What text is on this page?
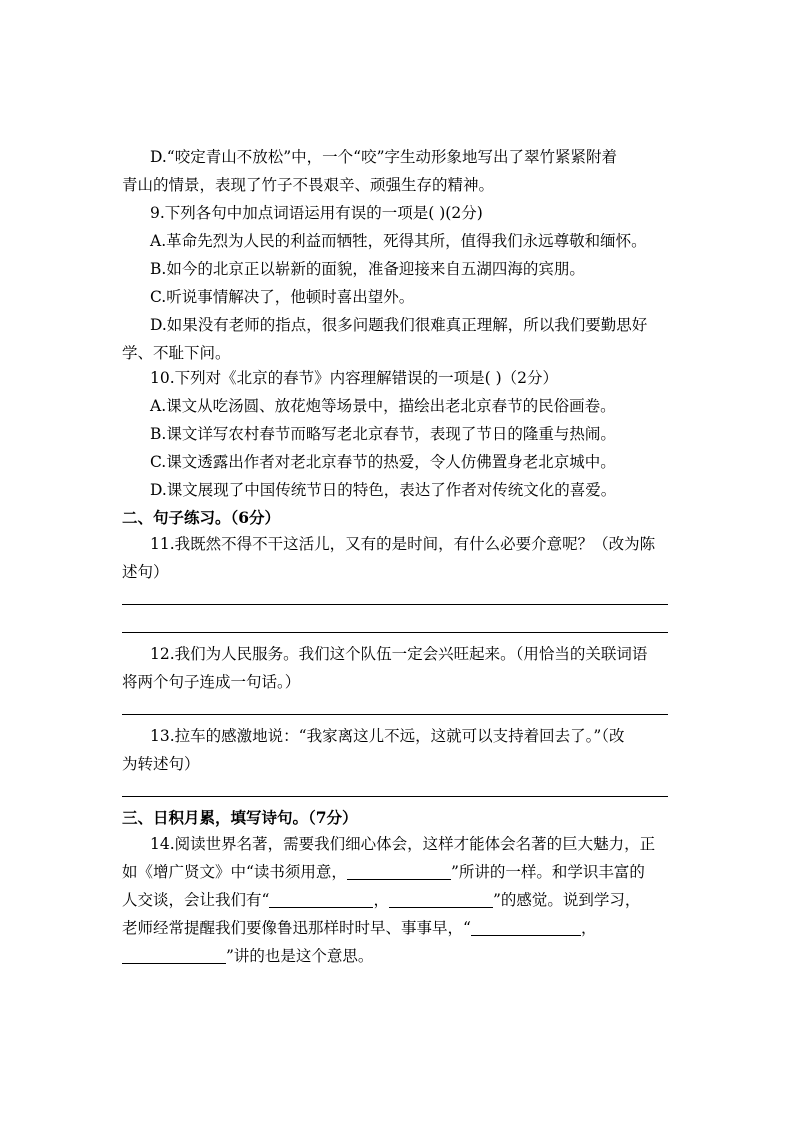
D.“咬定青山不放松”中，一个“咬”字生动形象地写出了翠竹紧紧附着
青山的情景，表现了竹子不畏艰辛、顽强生存的精神。
9.下列各句中加点词语运用有误的一项是( )(2分)
A.革命先烈为人民的利益而牺牲，死得其所，值得我们永远尊敬和缅怀。
B.如今的北京正以崭新的面貌，准备迎接来自五湖四海的宾朋。
C.听说事情解决了，他顿时喜出望外。
D.如果没有老师的指点，很多问题我们很难真正理解，所以我们要勤思好
学、不耻下问。
10.下列对《北京的春节》内容理解错误的一项是( )（2分）
A.课文从吃汤圆、放花炮等场景中，描绘出老北京春节的民俗画卷。
B.课文详写农村春节而略写老北京春节，表现了节日的隆重与热闹。
C.课文透露出作者对老北京春节的热爱，令人仿佛置身老北京城中。
D.课文展现了中国传统节日的特色，表达了作者对传统文化的喜爱。
二、句子练习。（6分）
11.我既然不得不干这活儿，又有的是时间，有什么必要介意呢？（改为陈
述句）
12.我们为人民服务。我们这个队伍一定会兴旺起来。（用恰当的关联词语
将两个句子连成一句话。）
13.拉车的感激地说：“我家离这儿不远，这就可以支持着回去了。”（改
为转述句）
三、日积月累，填写诗句。（7分）
14.阅读世界名著，需要我们细心体会，这样才能体会名著的巨大魅力，正
如《增广贤文》中“读书须用意，	”所讲的一样。和学识丰富的
人交谈，会让我们有“	，	”的感觉。说到学习，
老师经常提醒我们要像鲁迅那样时时早、事事早，“	，
”讲的也是这个意思。
